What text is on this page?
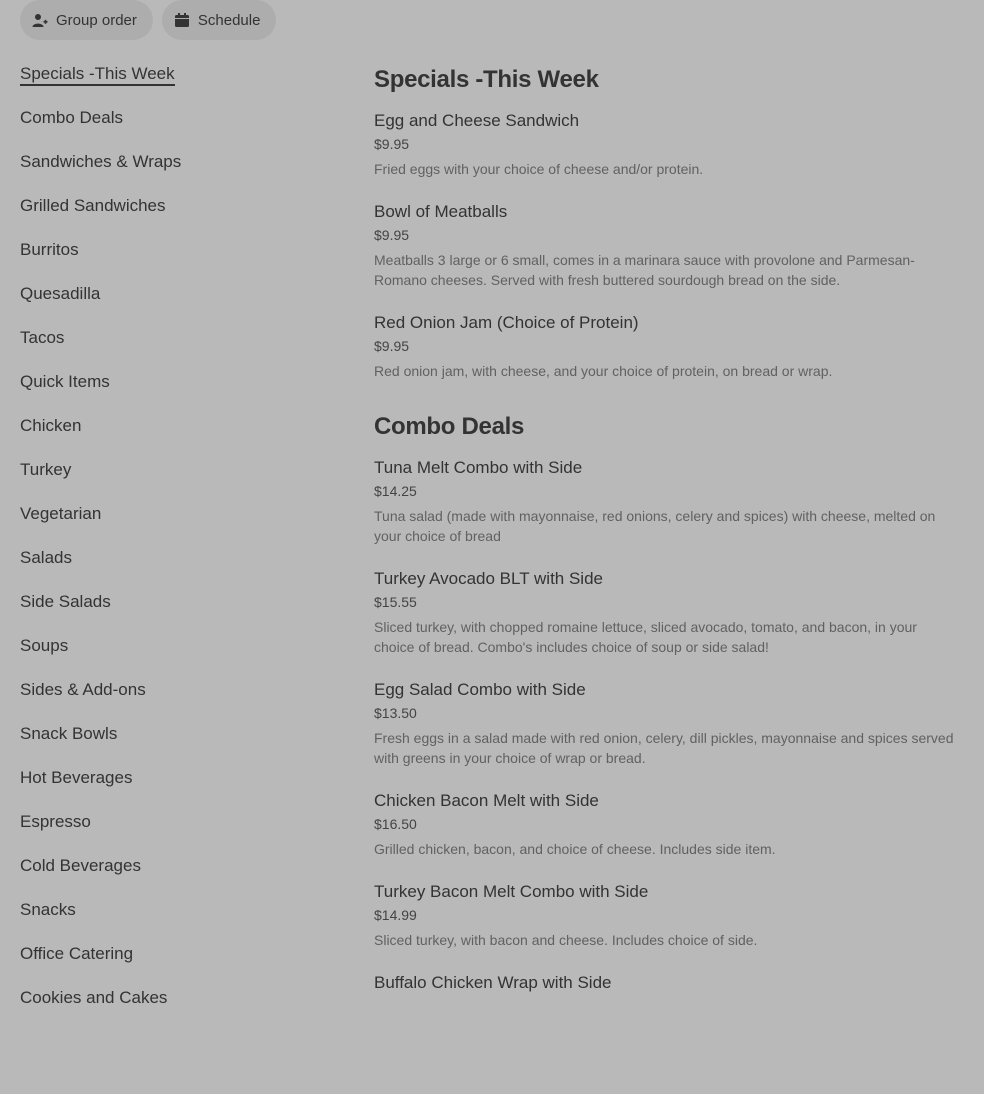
Group order	Schedule
Specials -This Week
Combo Deals
Sandwiches & Wraps
Grilled Sandwiches
Burritos
Quesadilla
Tacos
Quick Items
Chicken
Turkey
Vegetarian
Salads
Side Salads
Soups
Sides & Add-ons
Snack Bowls
Hot Beverages
Espresso
Cold Beverages
Snacks
Office Catering
Cookies and Cakes
Specials -This Week
Egg and Cheese Sandwich
$9.95
Fried eggs with your choice of cheese and/or protein.
Bowl of Meatballs
$9.95
Meatballs 3 large or 6 small, comes in a marinara sauce with provolone and Parmesan-Romano cheeses. Served with fresh buttered sourdough bread on the side.
Red Onion Jam (Choice of Protein)
$9.95
Red onion jam, with cheese, and your choice of protein, on bread or wrap.
Combo Deals
Tuna Melt Combo with Side
$14.25
Tuna salad (made with mayonnaise, red onions, celery and spices) with cheese, melted on your choice of bread
Turkey Avocado BLT with Side
$15.55
Sliced turkey, with chopped romaine lettuce, sliced avocado, tomato, and bacon, in your choice of bread. Combo's includes choice of soup or side salad!
Egg Salad Combo with Side
$13.50
Fresh eggs in a salad made with red onion, celery, dill pickles, mayonnaise and spices served with greens in your choice of wrap or bread.
Chicken Bacon Melt with Side
$16.50
Grilled chicken, bacon, and choice of cheese. Includes side item.
Turkey Bacon Melt Combo with Side
$14.99
Sliced turkey, with bacon and cheese. Includes choice of side.
Buffalo Chicken Wrap with Side
